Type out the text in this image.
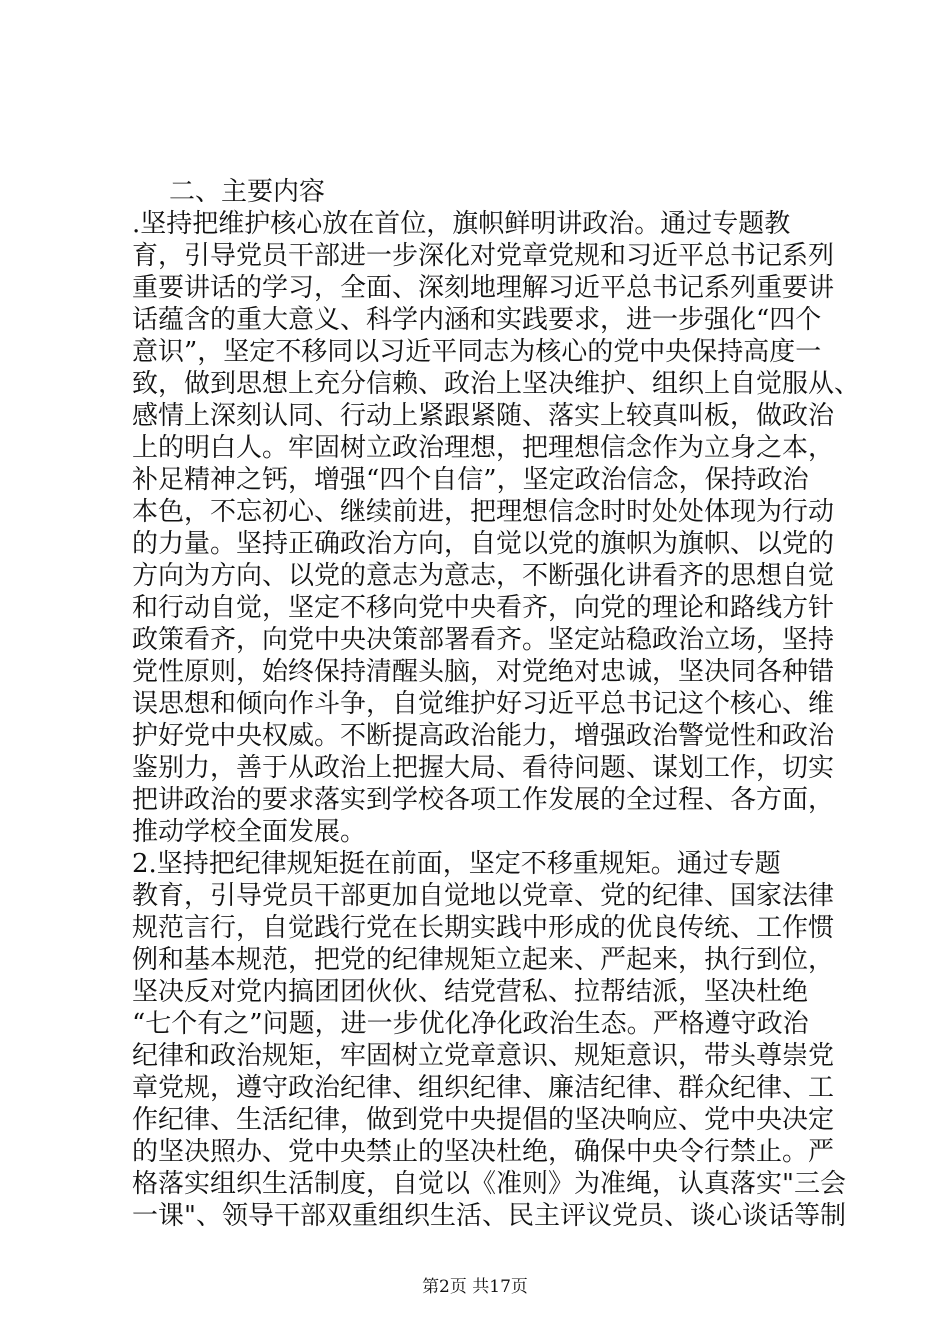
二、主要内容
.坚持把维护核心放在首位，旗帜鲜明讲政治。通过专题教
育，引导党员干部进一步深化对党章党规和习近平总书记系列
重要讲话的学习，全面、深刻地理解习近平总书记系列重要讲
话蕴含的重大意义、科学内涵和实践要求，进一步强化“四个
意识”，坚定不移同以习近平同志为核心的党中央保持高度一
致，做到思想上充分信赖、政治上坚决维护、组织上自觉服从、
感情上深刻认同、行动上紧跟紧随、落实上较真叫板，做政治
上的明白人。牢固树立政治理想，把理想信念作为立身之本，
补足精神之钙，增强“四个自信”，坚定政治信念，保持政治
本色，不忘初心、继续前进，把理想信念时时处处体现为行动
的力量。坚持正确政治方向，自觉以党的旗帜为旗帜、以党的
方向为方向、以党的意志为意志，不断强化讲看齐的思想自觉
和行动自觉，坚定不移向党中央看齐，向党的理论和路线方针
政策看齐，向党中央决策部署看齐。坚定站稳政治立场，坚持
党性原则，始终保持清醒头脑，对党绝对忠诚，坚决同各种错
误思想和倾向作斗争，自觉维护好习近平总书记这个核心、维
护好党中央权威。不断提高政治能力，增强政治警觉性和政治
鉴别力，善于从政治上把握大局、看待问题、谋划工作，切实
把讲政治的要求落实到学校各项工作发展的全过程、各方面，
推动学校全面发展。
2.坚持把纪律规矩挺在前面，坚定不移重规矩。通过专题
教育，引导党员干部更加自觉地以党章、党的纪律、国家法律
规范言行，自觉践行党在长期实践中形成的优良传统、工作惯
例和基本规范，把党的纪律规矩立起来、严起来，执行到位，
坚决反对党内搞团团伙伙、结党营私、拉帮结派，坚决杜绝
“七个有之”问题，进一步优化净化政治生态。严格遵守政治
纪律和政治规矩，牢固树立党章意识、规矩意识，带头尊崇党
章党规，遵守政治纪律、组织纪律、廉洁纪律、群众纪律、工
作纪律、生活纪律，做到党中央提倡的坚决响应、党中央决定
的坚决照办、党中央禁止的坚决杜绝，确保中央令行禁止。严
格落实组织生活制度，自觉以《准则》为准绳，认真落实"三会
一课"、领导干部双重组织生活、民主评议党员、谈心谈话等制
第2页 共17页
